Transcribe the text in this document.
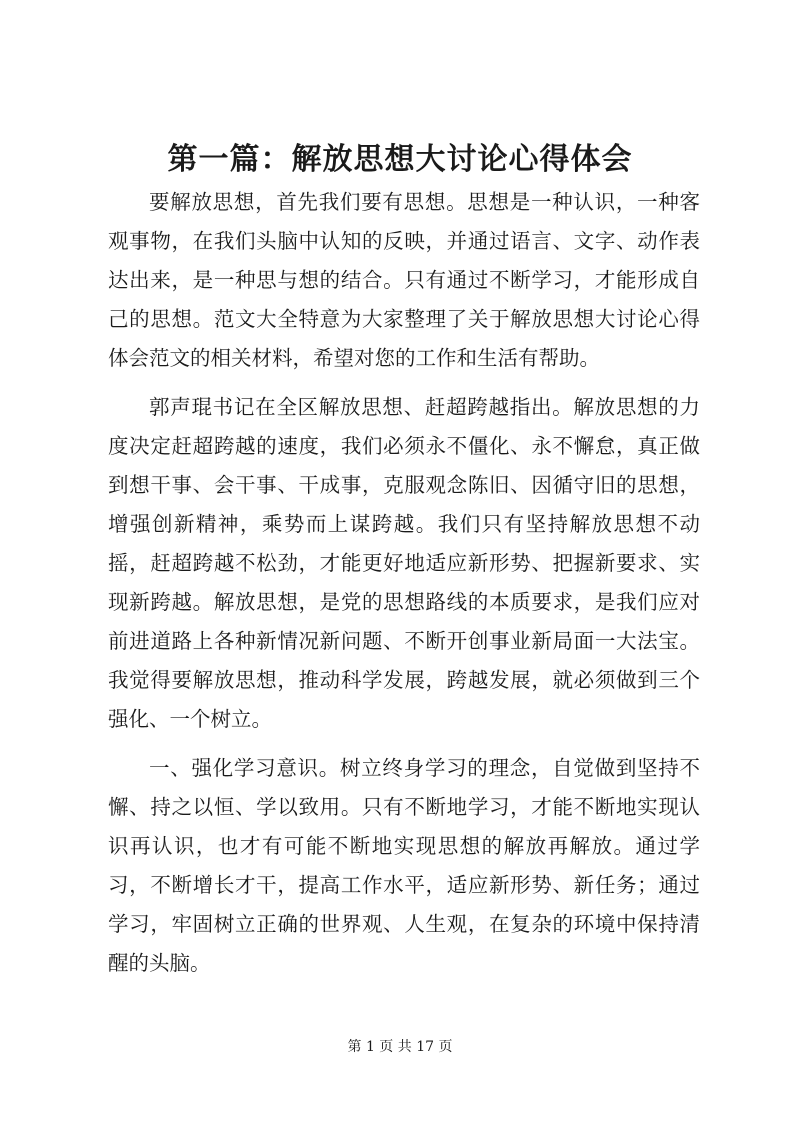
第一篇：解放思想大讨论心得体会

要解放思想，首先我们要有思想。思想是一种认识，一种客观事物，在我们头脑中认知的反映，并通过语言、文字、动作表达出来，是一种思与想的结合。只有通过不断学习，才能形成自己的思想。范文大全特意为大家整理了关于解放思想大讨论心得体会范文的相关材料，希望对您的工作和生活有帮助。

郭声琨书记在全区解放思想、赶超跨越指出。解放思想的力度决定赶超跨越的速度，我们必须永不僵化、永不懈怠，真正做到想干事、会干事、干成事，克服观念陈旧、因循守旧的思想，增强创新精神，乘势而上谋跨越。我们只有坚持解放思想不动摇，赶超跨越不松劲，才能更好地适应新形势、把握新要求、实现新跨越。解放思想，是党的思想路线的本质要求，是我们应对前进道路上各种新情况新问题、不断开创事业新局面一大法宝。我觉得要解放思想，推动科学发展，跨越发展，就必须做到三个强化、一个树立。

一、强化学习意识。树立终身学习的理念，自觉做到坚持不懈、持之以恒、学以致用。只有不断地学习，才能不断地实现认识再认识，也才有可能不断地实现思想的解放再解放。通过学习，不断增长才干，提高工作水平，适应新形势、新任务；通过学习，牢固树立正确的世界观、人生观，在复杂的环境中保持清醒的头脑。

第 1 页 共 17 页
